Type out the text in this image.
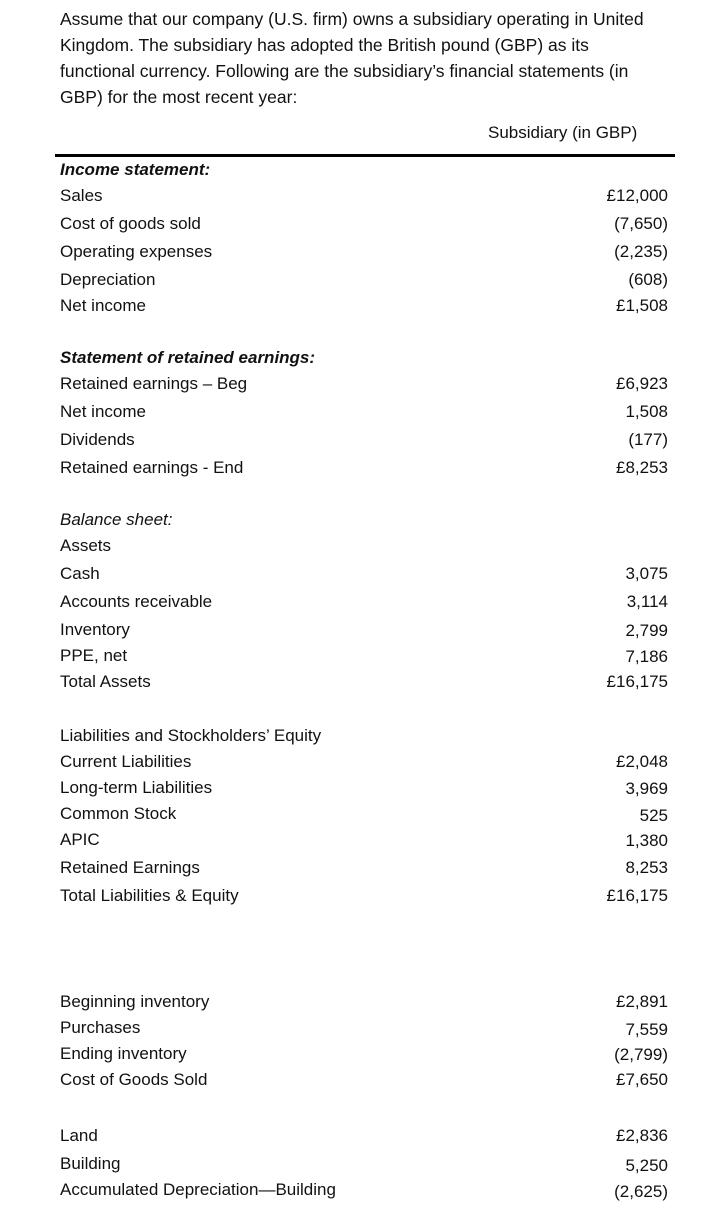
Assume that our company (U.S. firm) owns a subsidiary operating in United
Kingdom. The subsidiary has adopted the British pound (GBP) as its
functional currency. Following are the subsidiary’s financial statements (in
GBP) for the most recent year:
Subsidiary (in GBP)
Income statement:
Sales	£12,000
Cost of goods sold	(7,650)
Operating expenses	(2,235)
Depreciation	(608)
Net income	£1,508
Statement of retained earnings:
Retained earnings – Beg	£6,923
Net income	1,508
Dividends	(177)
Retained earnings - End	£8,253
Balance sheet:
Assets
Cash	3,075
Accounts receivable	3,114
Inventory	2,799
PPE, net	7,186
Total Assets	£16,175
Liabilities and Stockholders’ Equity
Current Liabilities	£2,048
Long-term Liabilities	3,969
Common Stock	525
APIC	1,380
Retained Earnings	8,253
Total Liabilities & Equity	£16,175
Beginning inventory	£2,891
Purchases	7,559
Ending inventory	(2,799)
Cost of Goods Sold	£7,650
Land	£2,836
Building	5,250
Accumulated Depreciation—Building	(2,625)
